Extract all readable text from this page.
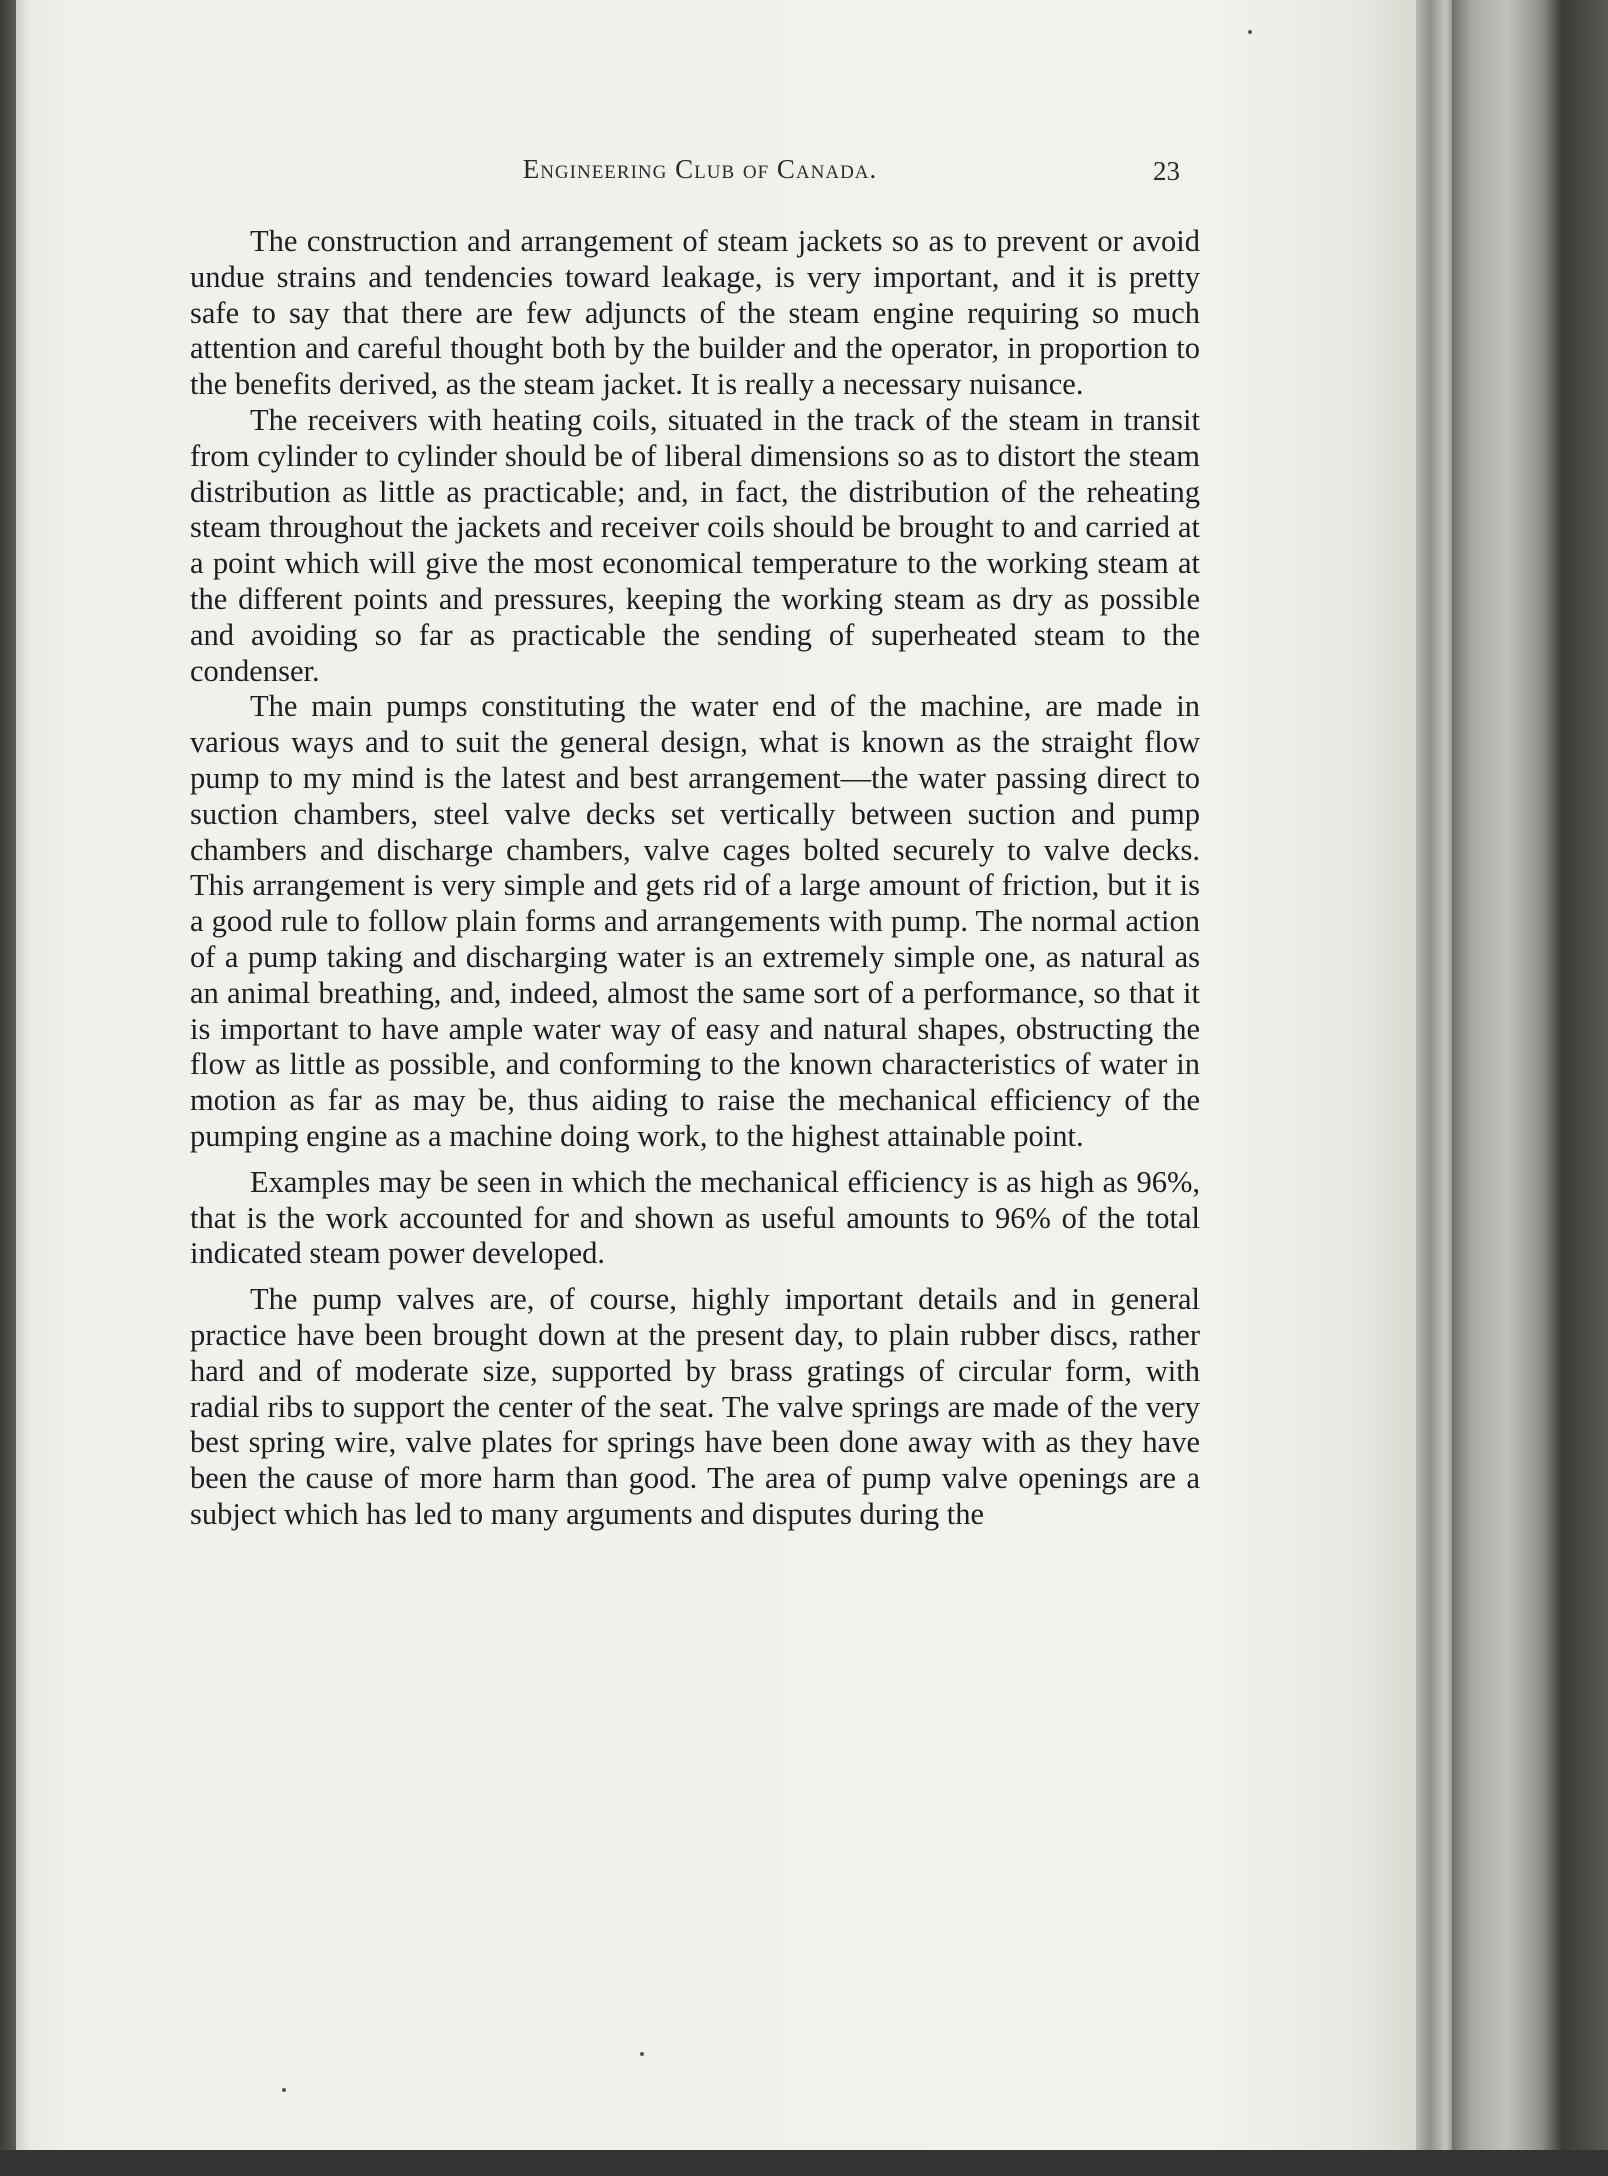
Engineering Club of Canada.	23

The construction and arrangement of steam jackets so as to prevent or avoid undue strains and tendencies toward leakage, is very important, and it is pretty safe to say that there are few adjuncts of the steam engine requiring so much attention and careful thought both by the builder and the operator, in proportion to the benefits derived, as the steam jacket. It is really a necessary nuisance.

The receivers with heating coils, situated in the track of the steam in transit from cylinder to cylinder should be of liberal dimensions so as to distort the steam distribution as little as practicable; and, in fact, the distribution of the reheating steam throughout the jackets and receiver coils should be brought to and carried at a point which will give the most economical temperature to the working steam at the different points and pressures, keeping the working steam as dry as possible and avoiding so far as practicable the sending of superheated steam to the condenser.

The main pumps constituting the water end of the machine, are made in various ways and to suit the general design, what is known as the straight flow pump to my mind is the latest and best arrangement—the water passing direct to suction chambers, steel valve decks set vertically between suction and pump chambers and discharge chambers, valve cages bolted securely to valve decks. This arrangement is very simple and gets rid of a large amount of friction, but it is a good rule to follow plain forms and arrangements with pump. The normal action of a pump taking and discharging water is an extremely simple one, as natural as an animal breathing, and, indeed, almost the same sort of a performance, so that it is important to have ample water way of easy and natural shapes, obstructing the flow as little as possible, and conforming to the known characteristics of water in motion as far as may be, thus aiding to raise the mechanical efficiency of the pumping engine as a machine doing work, to the highest attainable point.

Examples may be seen in which the mechanical efficiency is as high as 96%, that is the work accounted for and shown as useful amounts to 96% of the total indicated steam power developed.

The pump valves are, of course, highly important details and in general practice have been brought down at the present day, to plain rubber discs, rather hard and of moderate size, supported by brass gratings of circular form, with radial ribs to support the center of the seat. The valve springs are made of the very best spring wire, valve plates for springs have been done away with as they have been the cause of more harm than good. The area of pump valve openings are a subject which has led to many arguments and disputes during the
